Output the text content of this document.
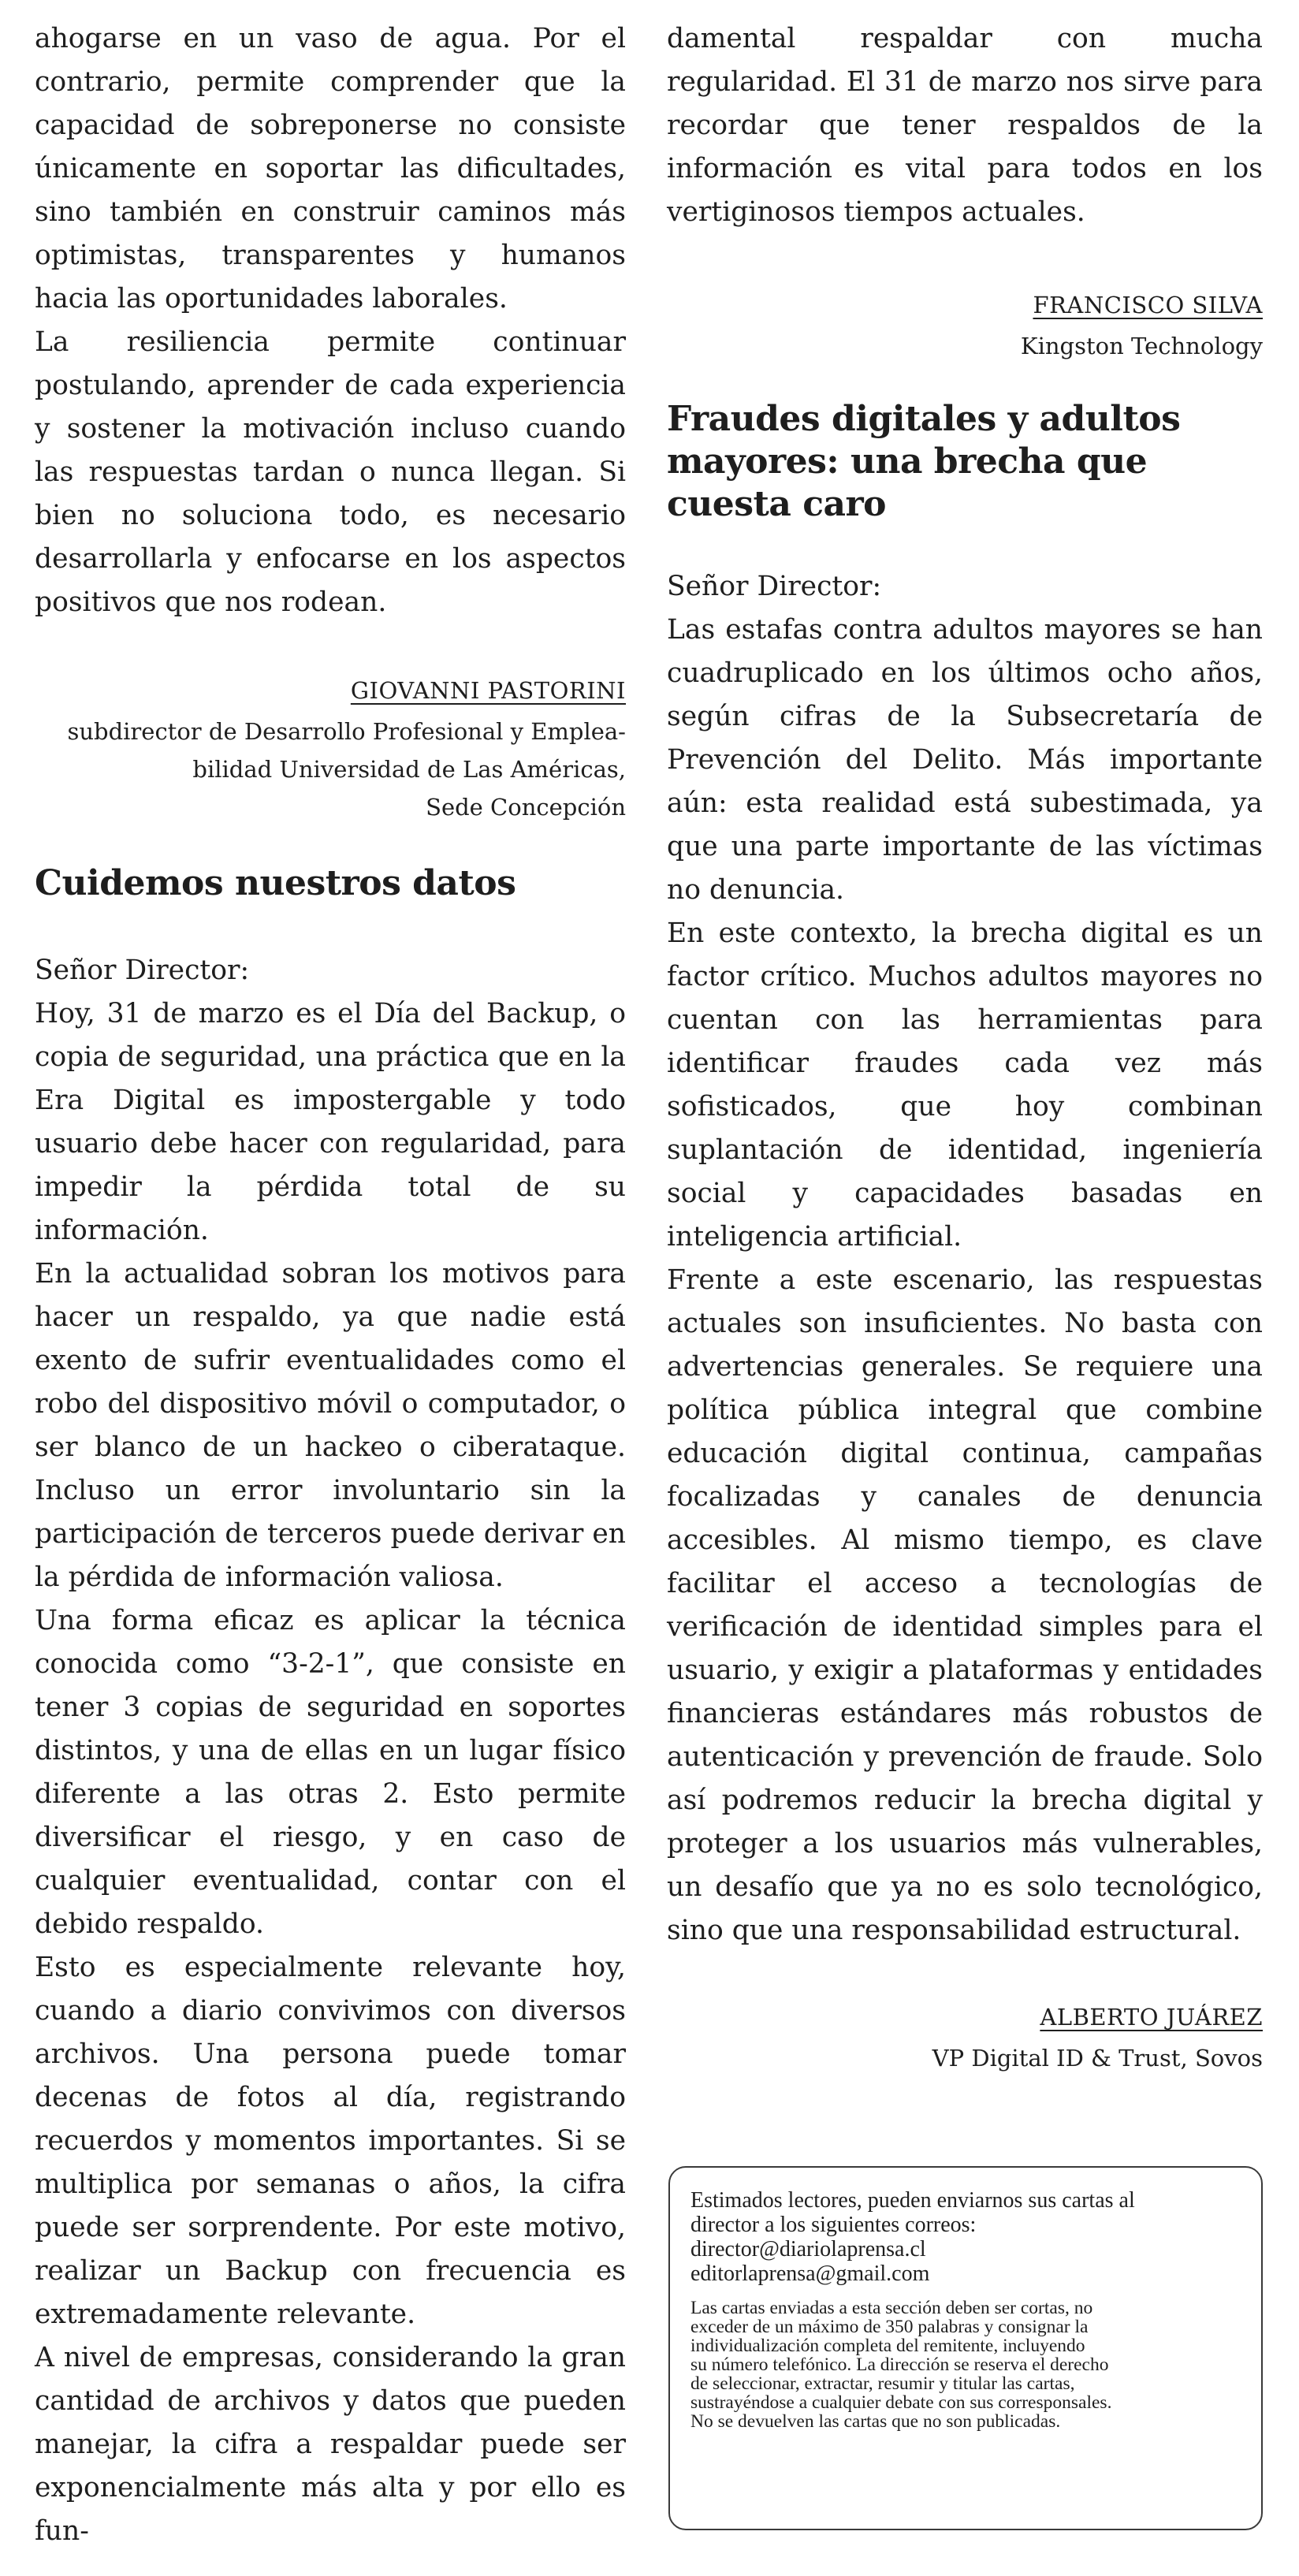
ahogarse en un vaso de agua. Por el contrario, permite comprender que la capacidad de sobreponerse no consiste únicamente en soportar las dificultades, sino también en construir caminos más optimistas, transparentes y humanos hacia las oportunidades laborales.

La resiliencia permite continuar postulando, aprender de cada experiencia y sostener la motivación incluso cuando las respuestas tardan o nunca llegan. Si bien no soluciona todo, es necesario desarrollarla y enfocarse en los aspectos positivos que nos rodean.

GIOVANNI PASTORINI
subdirector de Desarrollo Profesional y Emplea-
bilidad Universidad de Las Américas,
Sede Concepción
Cuidemos nuestros datos

Señor Director:

Hoy, 31 de marzo es el Día del Backup, o copia de seguridad, una práctica que en la Era Digital es impostergable y todo usuario debe hacer con regularidad, para impedir la pérdida total de su información.

En la actualidad sobran los motivos para hacer un respaldo, ya que nadie está exento de sufrir eventualidades como el robo del dispositivo móvil o computador, o ser blanco de un hackeo o ciberataque. Incluso un error involuntario sin la participación de terceros puede derivar en la pérdida de información valiosa.

Una forma eficaz es aplicar la técnica conocida como “3-2-1”, que consiste en tener 3 copias de seguridad en soportes distintos, y una de ellas en un lugar físico diferente a las otras 2. Esto permite diversificar el riesgo, y en caso de cualquier eventualidad, contar con el debido respaldo.

Esto es especialmente relevante hoy, cuando a diario convivimos con diversos archivos. Una persona puede tomar decenas de fotos al día, registrando recuerdos y momentos importantes. Si se multiplica por semanas o años, la cifra puede ser sorprendente. Por este motivo, realizar un Backup con frecuencia es extremadamente relevante.

A nivel de empresas, considerando la gran cantidad de archivos y datos que pueden manejar, la cifra a respaldar puede ser exponencialmente más alta y por ello es fun-

damental respaldar con mucha regularidad. El 31 de marzo nos sirve para recordar que tener respaldos de la información es vital para todos en los vertiginosos tiempos actuales.

FRANCISCO SILVA
Kingston Technology
Fraudes digitales y adultos mayores: una brecha que cuesta caro

Señor Director:

Las estafas contra adultos mayores se han cuadruplicado en los últimos ocho años, según cifras de la Subsecretaría de Prevención del Delito. Más importante aún: esta realidad está subestimada, ya que una parte importante de las víctimas no denuncia.

En este contexto, la brecha digital es un factor crítico. Muchos adultos mayores no cuentan con las herramientas para identificar fraudes cada vez más sofisticados, que hoy combinan suplantación de identidad, ingeniería social y capacidades basadas en inteligencia artificial.

Frente a este escenario, las respuestas actuales son insuficientes. No basta con advertencias generales. Se requiere una política pública integral que combine educación digital continua, campañas focalizadas y canales de denuncia accesibles. Al mismo tiempo, es clave facilitar el acceso a tecnologías de verificación de identidad simples para el usuario, y exigir a plataformas y entidades financieras estándares más robustos de autenticación y prevención de fraude. Solo así podremos reducir la brecha digital y proteger a los usuarios más vulnerables, un desafío que ya no es solo tecnológico, sino que una responsabilidad estructural.

ALBERTO JUÁREZ
VP Digital ID & Trust, Sovos
Estimados lectores, pueden enviarnos sus cartas al
director a los siguientes correos:
director@diariolaprensa.cl
editorlaprensa@gmail.com
Las cartas enviadas a esta sección deben ser cortas, no
exceder de un máximo de 350 palabras y consignar la
individualización completa del remitente, incluyendo
su número telefónico. La dirección se reserva el derecho
de seleccionar, extractar, resumir y titular las cartas,
sustrayéndose a cualquier debate con sus corresponsales.
No se devuelven las cartas que no son publicadas.
